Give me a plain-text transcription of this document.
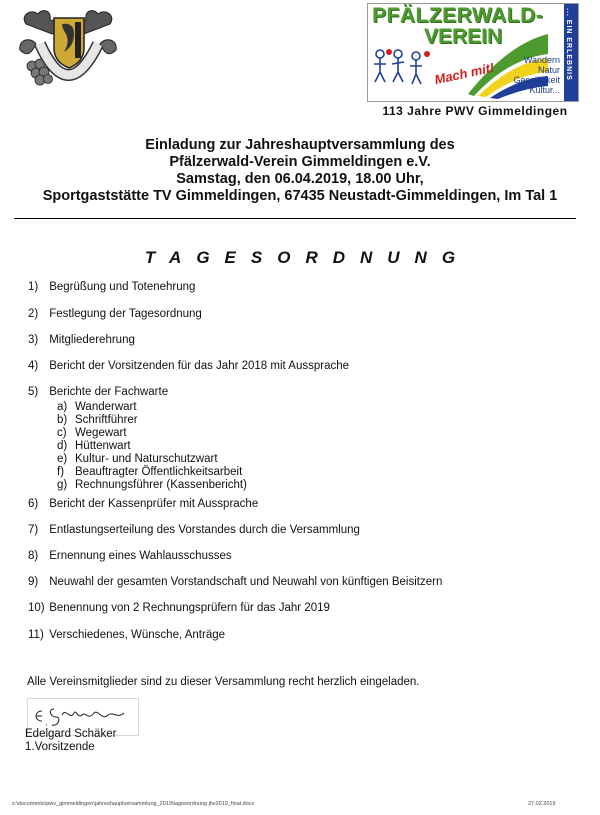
PFÄLZERWALD-
VEREIN
Mach mit!	Wandern
Natur
Geselligkeit
Kultur...
... EIN ERLEBNIS
113 Jahre PWV Gimmeldingen
Einladung zur Jahreshauptversammlung des
Pfälzerwald-Verein Gimmeldingen e.V.
Samstag, den 06.04.2019, 18.00 Uhr,
Sportgaststätte TV Gimmeldingen, 67435 Neustadt-Gimmeldingen, Im Tal 1
TAGESORDNUNG
1) Begrüßung und Totenehrung
2) Festlegung der Tagesordnung
3) Mitgliederehrung
4) Bericht der Vorsitzenden für das Jahr 2018 mit Aussprache
5) Berichte der Fachwarte
a) Wanderwart
b) Schriftführer
c) Wegewart
d) Hüttenwart
e) Kultur- und Naturschutzwart
f) Beauftragter Öffentlichkeitsarbeit
g) Rechnungsführer (Kassenbericht)
6) Bericht der Kassenprüfer mit Aussprache
7) Entlastungserteilung des Vorstandes durch die Versammlung
8) Ernennung eines Wahlausschusses
9) Neuwahl der gesamten Vorstandschaft und Neuwahl von künftigen Beisitzern
10) Benennung von 2 Rechnungsprüfern für das Jahr 2019
11) Verschiedenes, Wünsche, Anträge
Alle Vereinsmitglieder sind zu dieser Versammlung recht herzlich eingeladen.
Edelgard Schäker
1.Vorsitzende
x:\documents\pwv_gimmeldingen\jahreshauptversammlung_2019\tagesordnung jhv2019_final.docx	27.02.2019
